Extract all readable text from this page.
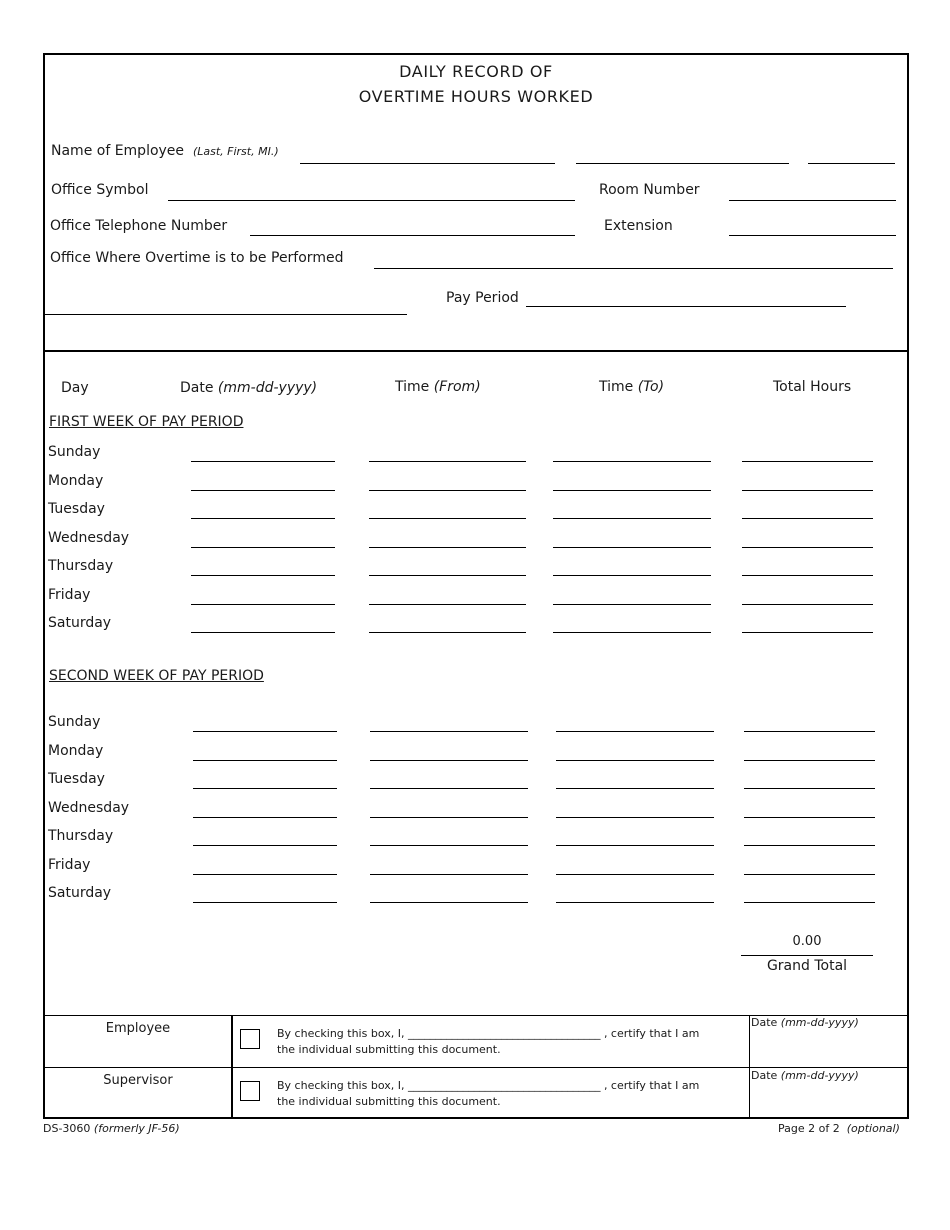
DAILY RECORD OF
OVERTIME HOURS WORKED
Name of Employee (Last, First, MI.)
Office Symbol	Room Number
Office Telephone Number	Extension
Office Where Overtime is to be Performed
Pay Period
Day	Date (mm-dd-yyyy)	Time (From)	Time (To)	Total Hours
FIRST WEEK OF PAY PERIOD
Sunday
Monday
Tuesday
Wednesday
Thursday
Friday
Saturday
SECOND WEEK OF PAY PERIOD
Sunday
Monday
Tuesday
Wednesday
Thursday
Friday
Saturday
0.00
Grand Total
Employee	By checking this box, I, ___________________________________ , certify that I am
the individual submitting this document.
Date (mm-dd-yyyy)
Supervisor	By checking this box, I, ___________________________________ , certify that I am
the individual submitting this document.
Date (mm-dd-yyyy)
DS-3060 (formerly JF-56)	Page 2 of 2 (optional)
